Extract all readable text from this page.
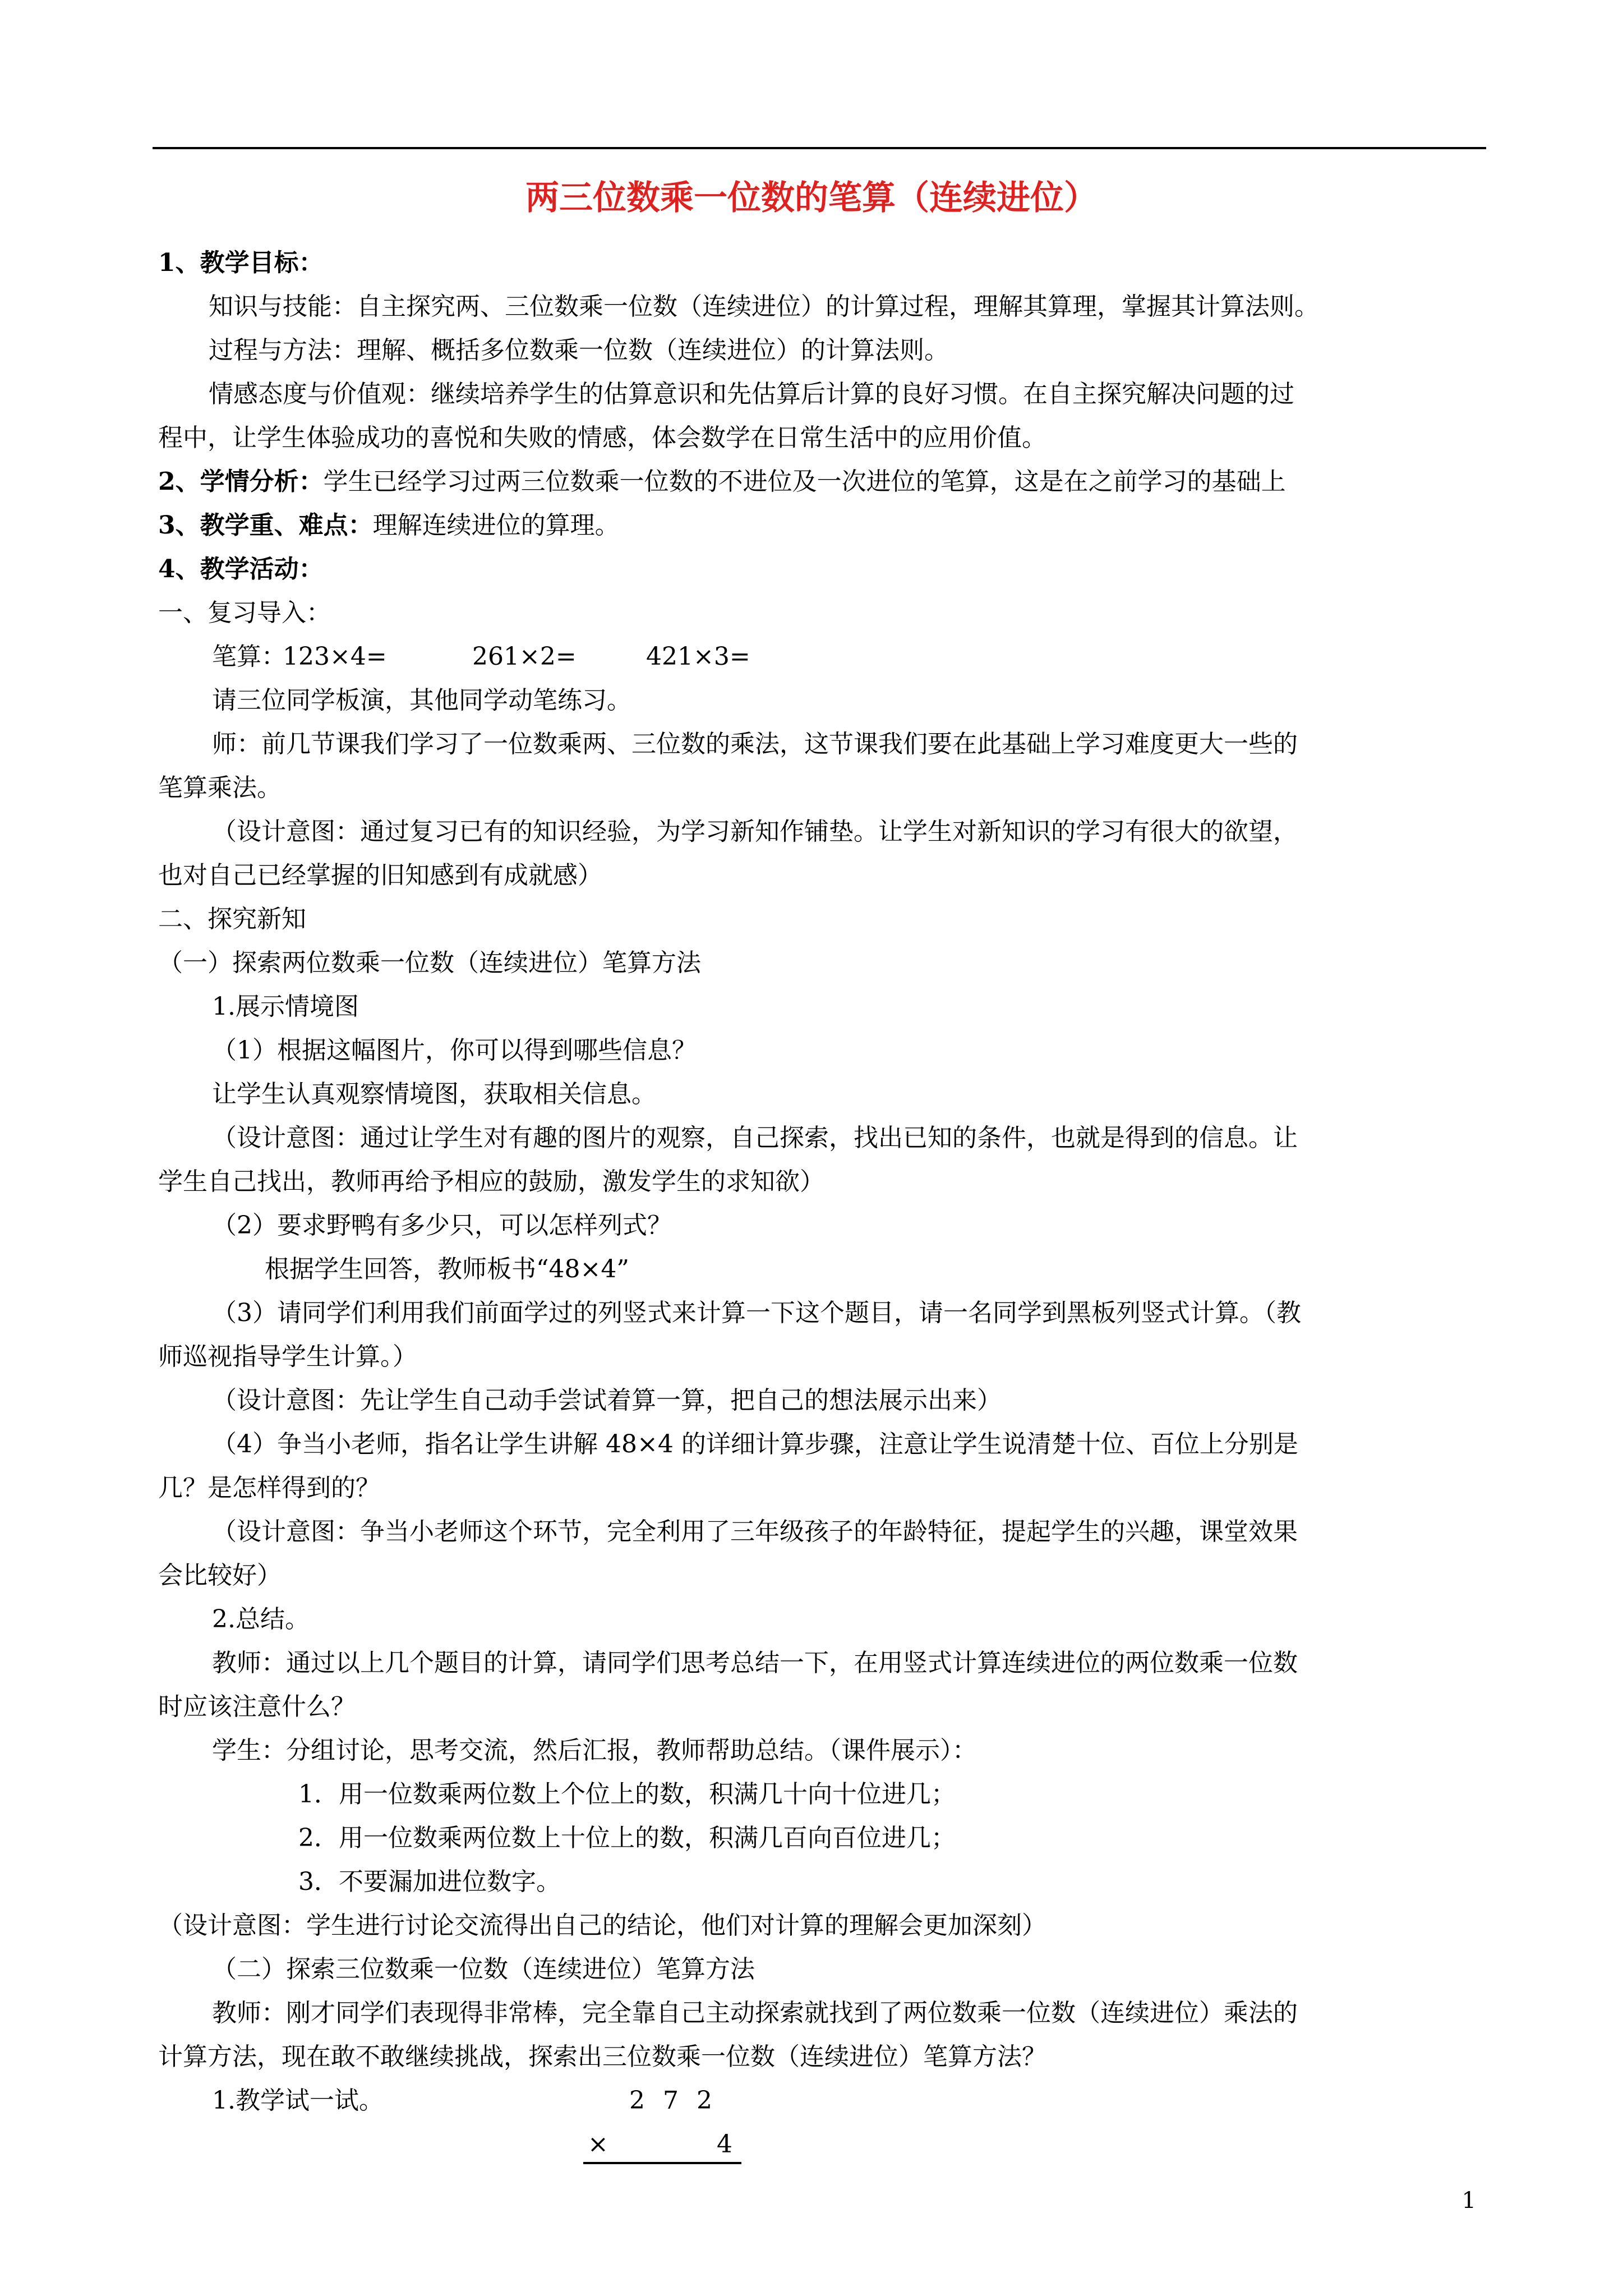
两三位数乘一位数的笔算（连续进位）
1、教学目标：
知识与技能：自主探究两、三位数乘一位数（连续进位）的计算过程，理解其算理，掌握其计算法则。
过程与方法：理解、概括多位数乘一位数（连续进位）的计算法则。
情感态度与价值观：继续培养学生的估算意识和先估算后计算的良好习惯。在自主探究解决问题的过
程中，让学生体验成功的喜悦和失败的情感，体会数学在日常生活中的应用价值。
2、学情分析：学生已经学习过两三位数乘一位数的不进位及一次进位的笔算，这是在之前学习的基础上
3、教学重、难点：理解连续进位的算理。
4、教学活动：
一、复习导入：
笔算：
123×4=	261×2=	421×3=
请三位同学板演，其他同学动笔练习。
师：前几节课我们学习了一位数乘两、三位数的乘法，这节课我们要在此基础上学习难度更大一些的
笔算乘法。
（设计意图：通过复习已有的知识经验，为学习新知作铺垫。让学生对新知识的学习有很大的欲望，
也对自己已经掌握的旧知感到有成就感）
二、探究新知
（一）探索两位数乘一位数（连续进位）笔算方法
1.展示情境图
（1）根据这幅图片，你可以得到哪些信息？
让学生认真观察情境图，获取相关信息。
（设计意图：通过让学生对有趣的图片的观察，自己探索，找出已知的条件，也就是得到的信息。让
学生自己找出，教师再给予相应的鼓励，激发学生的求知欲）
（2）要求野鸭有多少只，可以怎样列式？
根据学生回答，教师板书“48×4”
（3）请同学们利用我们前面学过的列竖式来计算一下这个题目，请一名同学到黑板列竖式计算。（教
师巡视指导学生计算。）
（设计意图：先让学生自己动手尝试着算一算，把自己的想法展示出来）
（4）争当小老师，指名让学生讲解 48×4 的详细计算步骤，注意让学生说清楚十位、百位上分别是
几？是怎样得到的？
（设计意图：争当小老师这个环节，完全利用了三年级孩子的年龄特征，提起学生的兴趣，课堂效果
会比较好）
2.总结。
教师：通过以上几个题目的计算，请同学们思考总结一下，在用竖式计算连续进位的两位数乘一位数
时应该注意什么？
学生：分组讨论，思考交流，然后汇报，教师帮助总结。（课件展示）：
1．用一位数乘两位数上个位上的数，积满几十向十位进几；
2．用一位数乘两位数上十位上的数，积满几百向百位进几；
3．不要漏加进位数字。
（设计意图：学生进行讨论交流得出自己的结论，他们对计算的理解会更加深刻）
（二）探索三位数乘一位数（连续进位）笔算方法
教师：刚才同学们表现得非常棒，完全靠自己主动探索就找到了两位数乘一位数（连续进位）乘法的
计算方法，现在敢不敢继续挑战，探索出三位数乘一位数（连续进位）笔算方法？
1.教学试一试。	2 7 2
×	4
1
